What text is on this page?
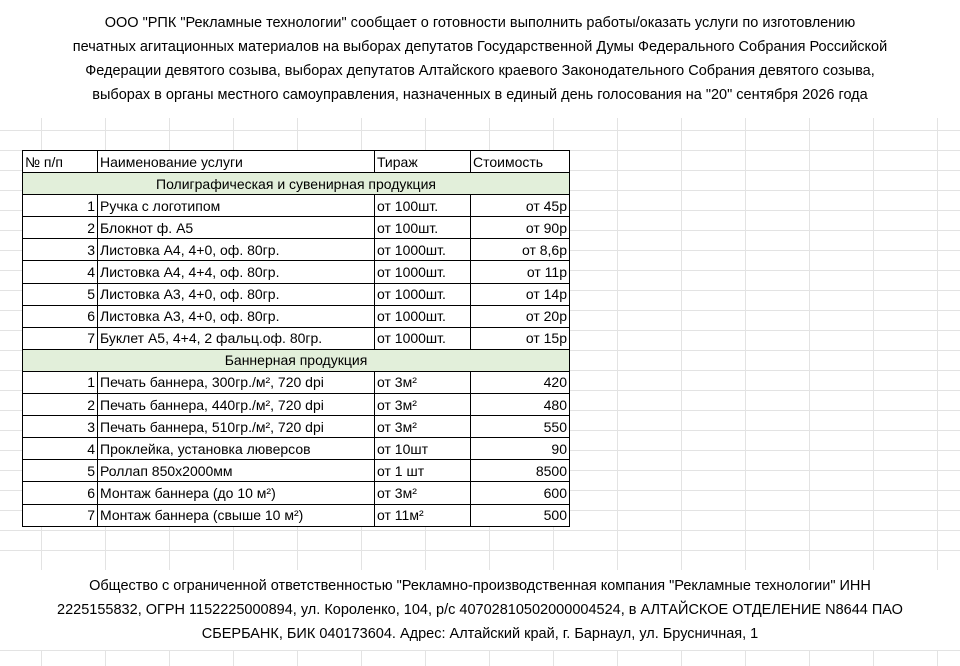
ООО "РПК "Рекламные технологии" сообщает о готовности выполнить работы/оказать услуги по изготовлению
печатных агитационных материалов на выборах депутатов Государственной Думы Федерального Собрания Российской
Федерации девятого созыва, выборах депутатов Алтайского краевого Законодательного Собрания девятого созыва,
выборах в органы местного самоуправления, назначенных в единый день голосования на "20" сентября 2026 года
№ п/п	Наименование услуги	Тираж	Стоимость
Полиграфическая и сувенирная продукция			
1	Ручка с логотипом	от 100шт.	от 45р
2	Блокнот ф. А5	от 100шт.	от 90р
3	Листовка А4, 4+0, оф. 80гр.	от 1000шт.	от 8,6р
4	Листовка А4, 4+4, оф. 80гр.	от 1000шт.	от 11р
5	Листовка А3, 4+0, оф. 80гр.	от 1000шт.	от 14р
6	Листовка А3, 4+0, оф. 80гр.	от 1000шт.	от 20р
7	Буклет А5, 4+4, 2 фальц.оф. 80гр.	от 1000шт.	от 15р
Баннерная продукция			
1	Печать баннера, 300гр./м², 720 dpi	от 3м²	420
2	Печать баннера, 440гр./м², 720 dpi	от 3м²	480
3	Печать баннера, 510гр./м², 720 dpi	от 3м²	550
4	Проклейка, установка люверсов	от 10шт	90
5	Роллап 850х2000мм	от 1 шт	8500
6	Монтаж баннера (до 10 м²)	от 3м²	600
7	Монтаж баннера (свыше 10 м²)	от 11м²	500
Общество с ограниченной ответственностью "Рекламно-производственная компания "Рекламные технологии" ИНН
2225155832, ОГРН 1152225000894, ул. Короленко, 104, р/с 40702810502000004524, в АЛТАЙСКОЕ ОТДЕЛЕНИЕ N8644 ПАО
СБЕРБАНК, БИК 040173604. Адрес: Алтайский край, г. Барнаул, ул. Брусничная, 1
